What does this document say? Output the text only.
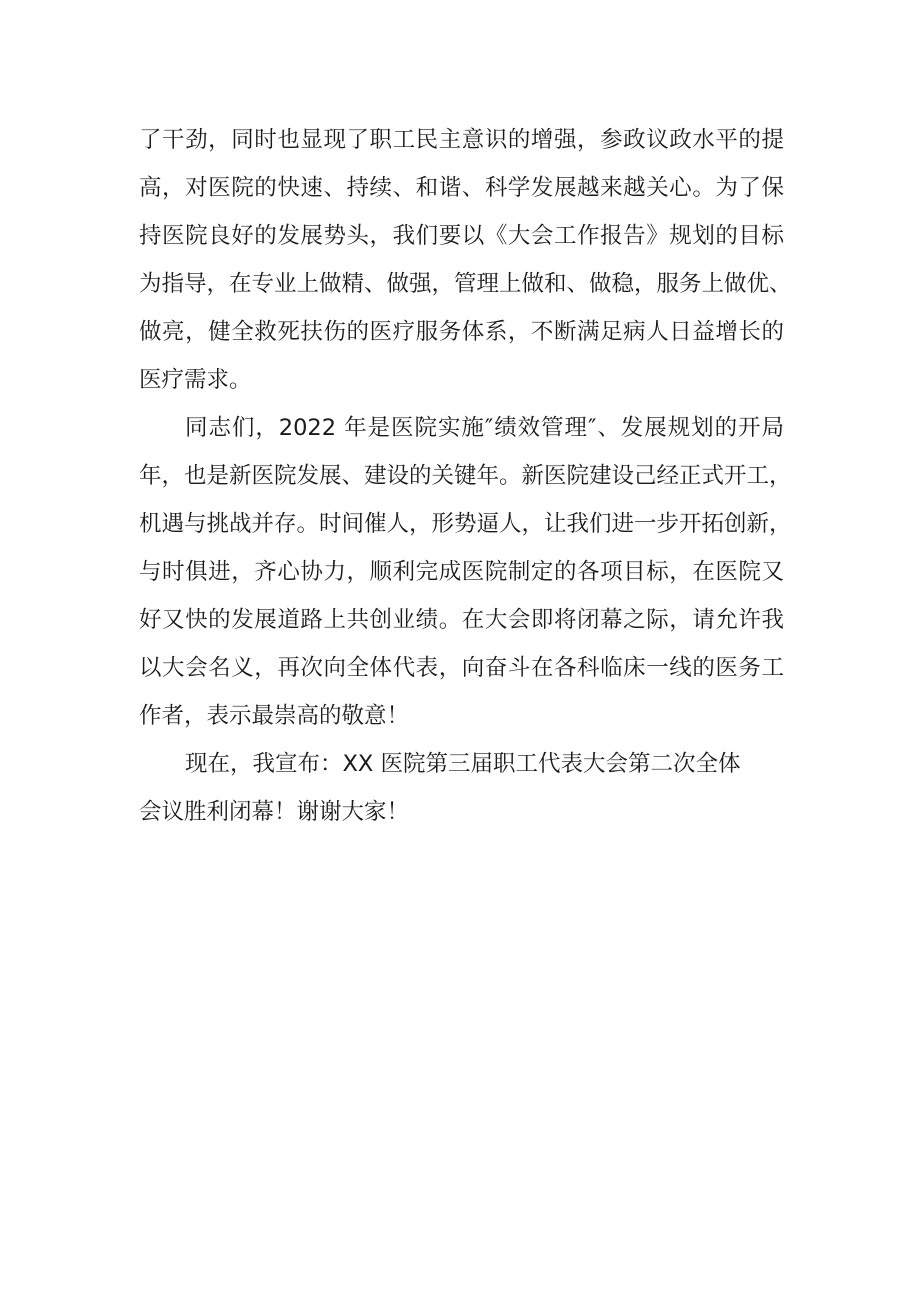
了干劲，同时也显现了职工民主意识的增强，参政议政水平的提
高，对医院的快速、持续、和谐、科学发展越来越关心。为了保
持医院良好的发展势头，我们要以《大会工作报告》规划的目标
为指导，在专业上做精、做强，管理上做和、做稳，服务上做优、
做亮，健全救死扶伤的医疗服务体系，不断满足病人日益增长的
医疗需求。
同志们，2022 年是医院实施″绩效管理″、发展规划的开局
年，也是新医院发展、建设的关键年。新医院建设己经正式开工，
机遇与挑战并存。时间催人，形势逼人，让我们进一步开拓创新，
与时俱进，齐心协力，顺利完成医院制定的各项目标，在医院又
好又快的发展道路上共创业绩。在大会即将闭幕之际，请允许我
以大会名义，再次向全体代表，向奋斗在各科临床一线的医务工
作者，表示最崇高的敬意！
现在，我宣布：XX 医院第三届职工代表大会第二次全体
会议胜利闭幕！谢谢大家！
